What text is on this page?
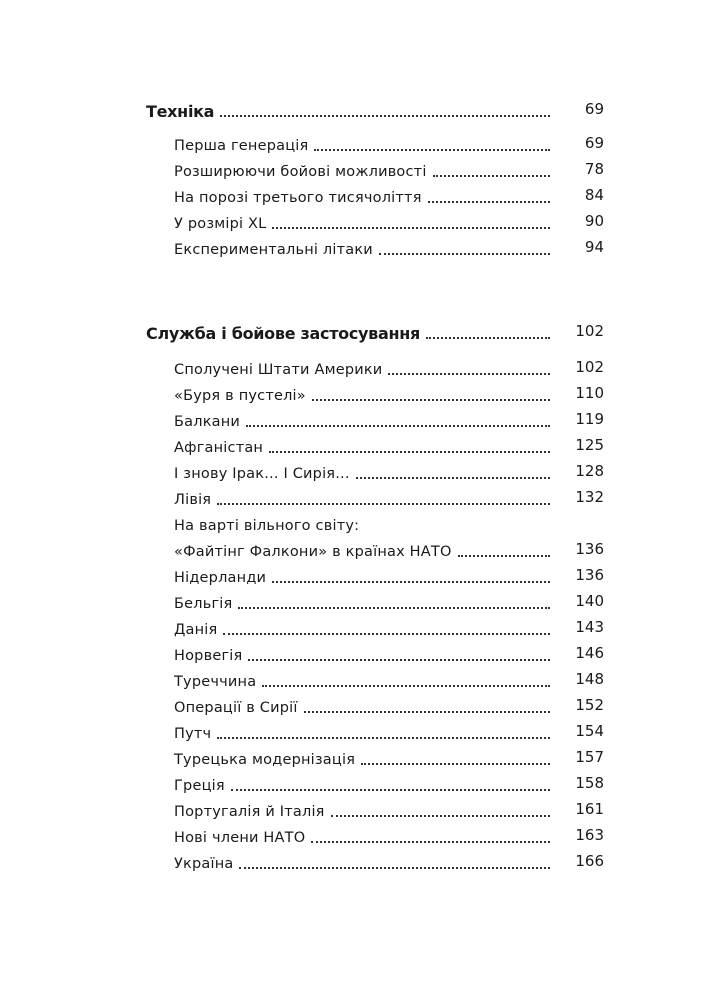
Техніка	69
Перша генерація	69
Розширюючи бойові можливості	78
На порозі третього тисячоліття	84
У розмірі XL	90
Експериментальні літаки	94
Служба і бойове застосування	102
Сполучені Штати Америки	102
«Буря в пустелі»	110
Балкани	119
Афганістан	125
І знову Ірак... І Сирія...	128
Лівія	132
На варті вільного світу:
«Файтінг Фалкони» в країнах НАТО	136
Нідерланди	136
Бельгія	140
Данія	143
Норвегія	146
Туреччина	148
Операції в Сирії	152
Путч	154
Турецька модернізація	157
Греція	158
Португалія й Італія	161
Нові члени НАТО	163
Україна	166
